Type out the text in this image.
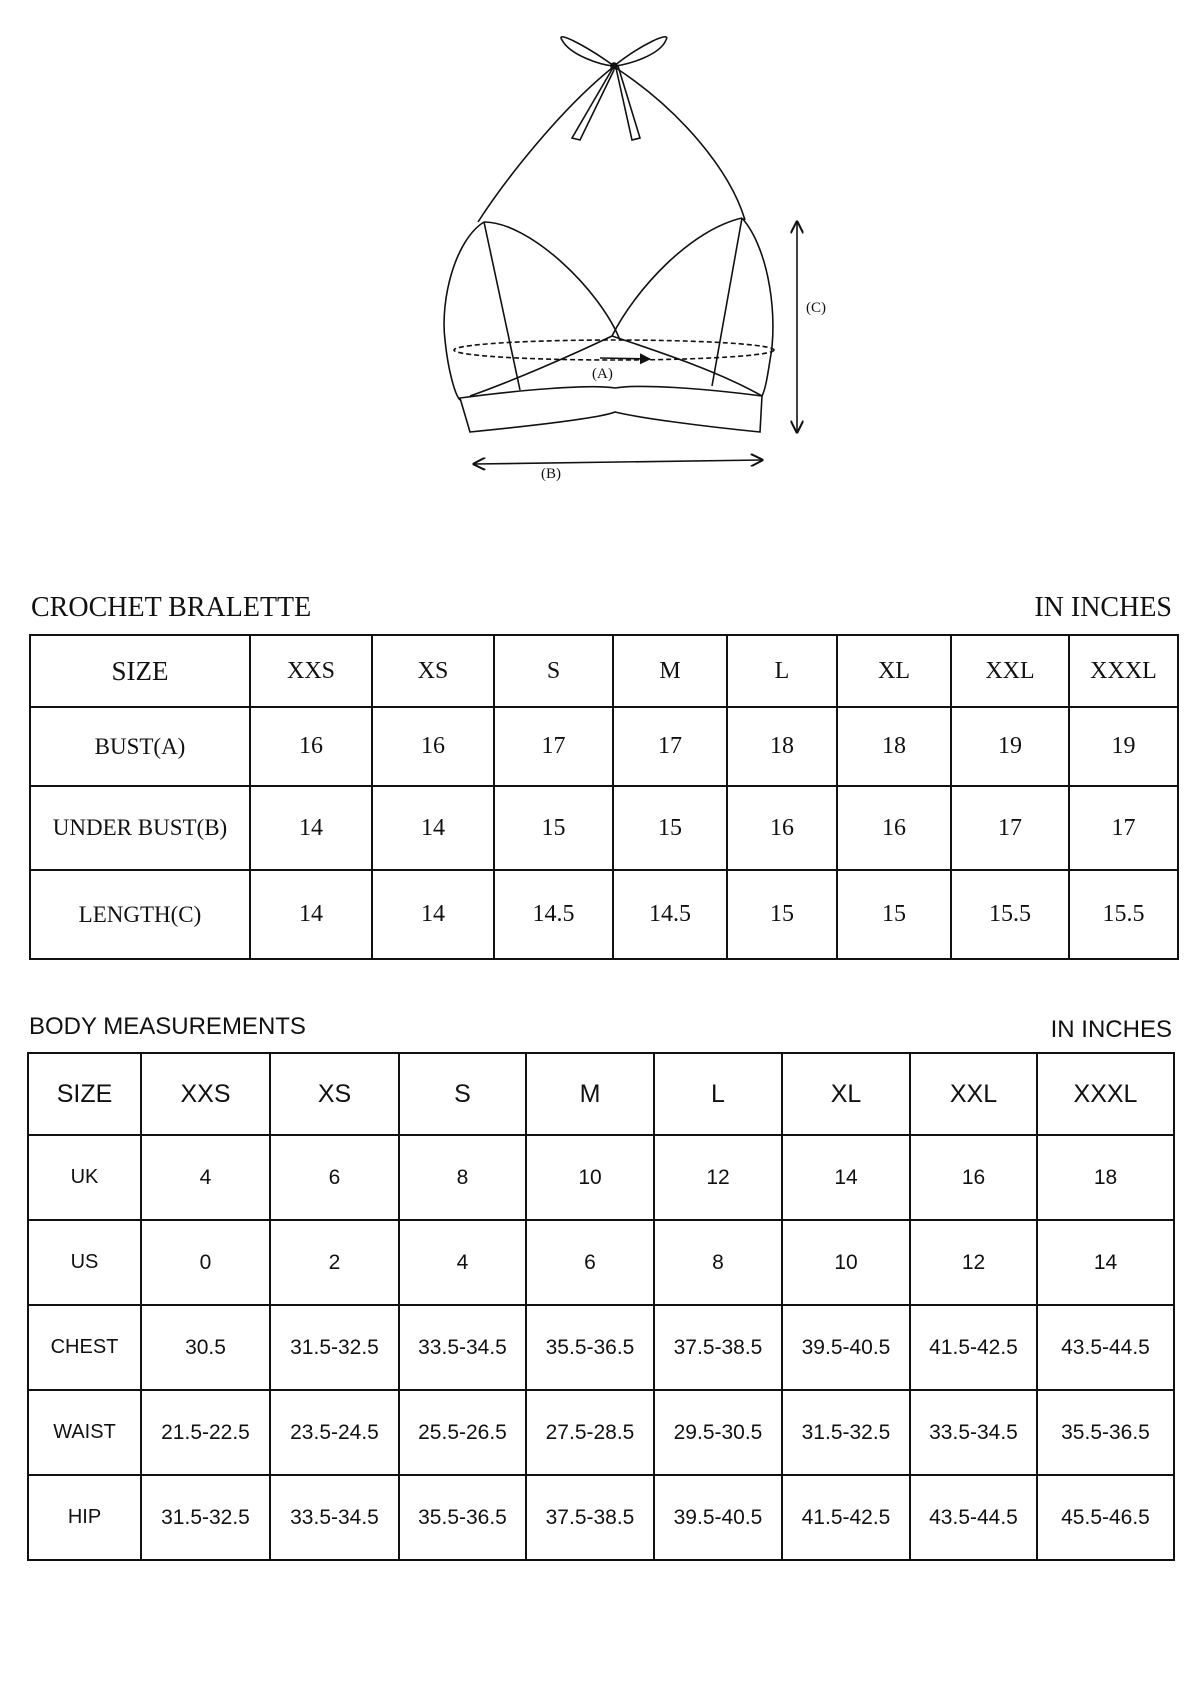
(A)
(B)
(C)
CROCHET BRALETTE	IN INCHES
SIZE	XXS	XS	S	M	L	XL	XXL	XXXL
BUST(A)	16	16	17	17	18	18	19	19
UNDER BUST(B)	14	14	15	15	16	16	17	17
LENGTH(C)	14	14	14.5	14.5	15	15	15.5	15.5
BODY MEASUREMENTS	IN INCHES
SIZE	XXS	XS	S	M	L	XL	XXL	XXXL
UK	4	6	8	10	12	14	16	18
US	0	2	4	6	8	10	12	14
CHEST	30.5	31.5-32.5	33.5-34.5	35.5-36.5	37.5-38.5	39.5-40.5	41.5-42.5	43.5-44.5
WAIST	21.5-22.5	23.5-24.5	25.5-26.5	27.5-28.5	29.5-30.5	31.5-32.5	33.5-34.5	35.5-36.5
HIP	31.5-32.5	33.5-34.5	35.5-36.5	37.5-38.5	39.5-40.5	41.5-42.5	43.5-44.5	45.5-46.5
